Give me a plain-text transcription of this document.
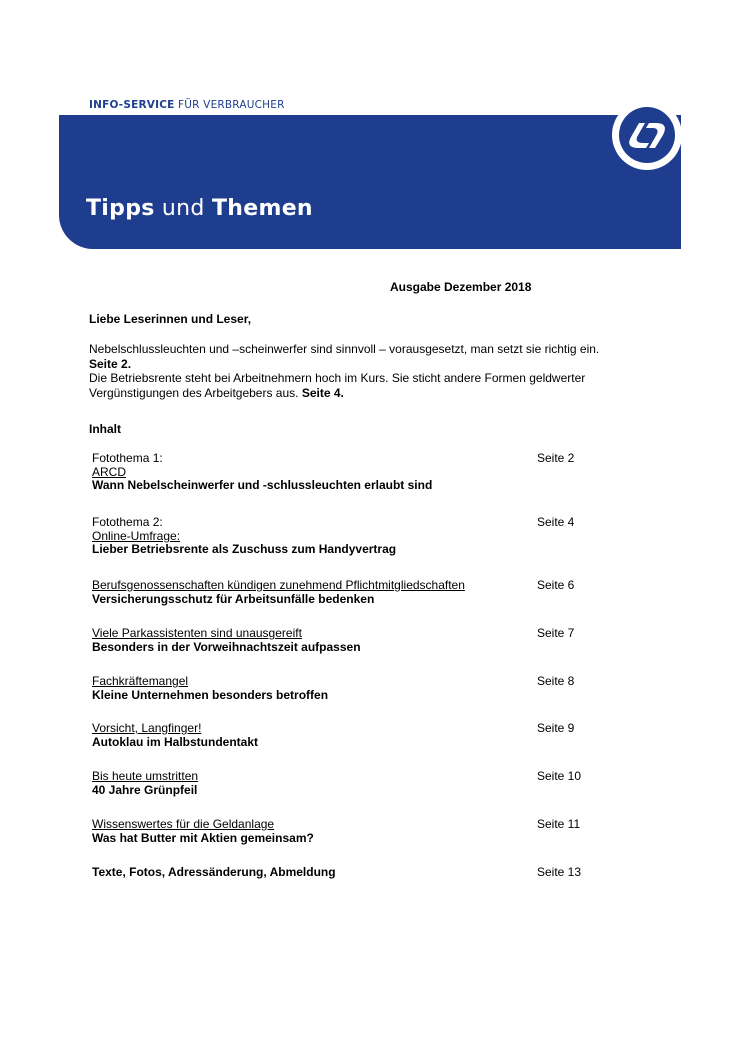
INFO-SERVICE FÜR VERBRAUCHER
Tipps und Themen
Ausgabe Dezember 2018
Liebe Leserinnen und Leser,

Nebelschlussleuchten und –scheinwerfer sind sinnvoll – vorausgesetzt, man setzt sie richtig ein. Seite 2.

Die Betriebsrente steht bei Arbeitnehmern hoch im Kurs. Sie sticht andere Formen geldwerter Vergünstigungen des Arbeitgebers aus. Seite 4.

Inhalt
Fotothema 1:
ARCD
Wann Nebelscheinwerfer und -schlussleuchten erlaubt sind
Seite 2
Fotothema 2:
Online-Umfrage:
Lieber Betriebsrente als Zuschuss zum Handyvertrag
Seite 4
Berufsgenossenschaften kündigen zunehmend Pflichtmitgliedschaften
Versicherungsschutz für Arbeitsunfälle bedenken
Seite 6
Viele Parkassistenten sind unausgereift
Besonders in der Vorweihnachtszeit aufpassen
Seite 7
Fachkräftemangel
Kleine Unternehmen besonders betroffen
Seite 8
Vorsicht, Langfinger!
Autoklau im Halbstundentakt
Seite 9
Bis heute umstritten
40 Jahre Grünpfeil
Seite 10
Wissenswertes für die Geldanlage
Was hat Butter mit Aktien gemeinsam?
Seite 11
Texte, Fotos, Adressänderung, Abmeldung	Seite 13
